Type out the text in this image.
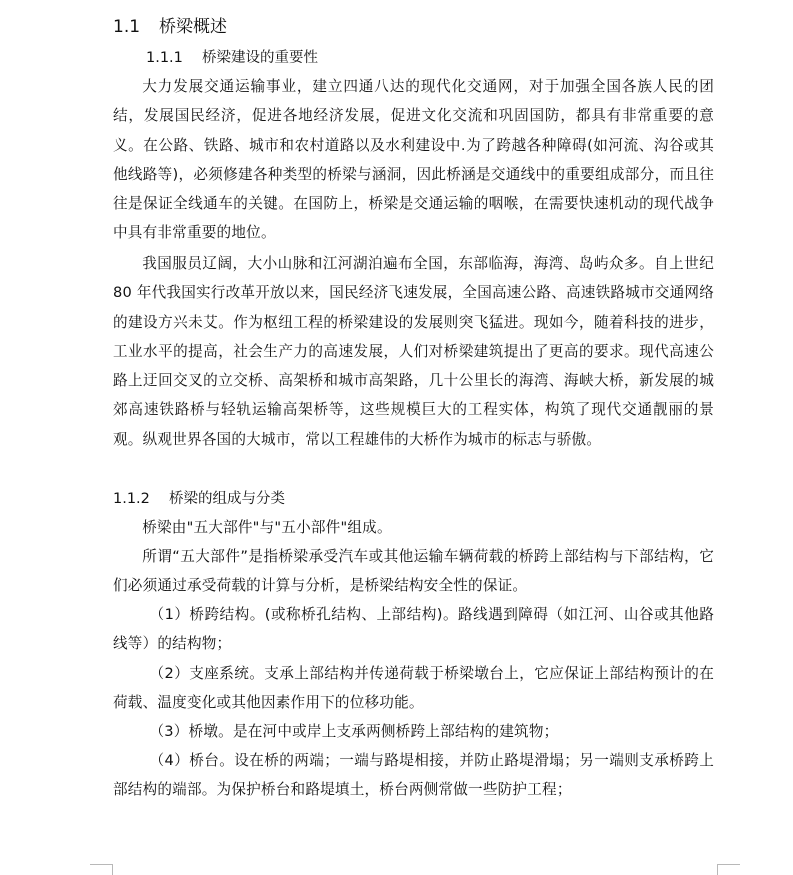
1.1 桥梁概述
1.1.1 桥梁建设的重要性

大力发展交通运输事业，建立四通八达的现代化交通网，对于加强全国各族人民的团结，发展国民经济，促进各地经济发展，促进文化交流和巩固国防，都具有非常重要的意义。在公路、铁路、城市和农村道路以及水利建设中.为了跨越各种障碍(如河流、沟谷或其他线路等)，必须修建各种类型的桥梁与涵洞，因此桥涵是交通线中的重要组成部分，而且往往是保证全线通车的关键。在国防上，桥梁是交通运输的咽喉，在需要快速机动的现代战争中具有非常重要的地位。

我国服员辽阔，大小山脉和江河湖泊遍布全国，东部临海，海湾、岛屿众多。自上世纪 80 年代我国实行改革开放以来，国民经济飞速发展，全国高速公路、高速铁路城市交通网络的建设方兴未艾。作为枢纽工程的桥梁建设的发展则突飞猛进。现如今，随着科技的进步，工业水平的提高，社会生产力的高速发展，人们对桥梁建筑提出了更高的要求。现代高速公路上迂回交叉的立交桥、高架桥和城市高架路，几十公里长的海湾、海峡大桥，新发展的城郊高速铁路桥与轻轨运输高架桥等，这些规模巨大的工程实体，构筑了现代交通靓丽的景观。纵观世界各国的大城市，常以工程雄伟的大桥作为城市的标志与骄傲。

1.1.2 桥梁的组成与分类

桥梁由"五大部件"与"五小部件"组成。

所谓“五大部件”是指桥梁承受汽车或其他运输车辆荷载的桥跨上部结构与下部结构，它们必须通过承受荷载的计算与分析，是桥梁结构安全性的保证。

（1）桥跨结构。(或称桥孔结构、上部结构)。路线遇到障碍（如江河、山谷或其他路线等）的结构物；

（2）支座系统。支承上部结构并传递荷载于桥梁墩台上，它应保证上部结构预计的在荷载、温度变化或其他因素作用下的位移功能。

（3）桥墩。是在河中或岸上支承两侧桥跨上部结构的建筑物；

（4）桥台。设在桥的两端；一端与路堤相接，并防止路堤滑塌；另一端则支承桥跨上部结构的端部。为保护桥台和路堤填土，桥台两侧常做一些防护工程；
